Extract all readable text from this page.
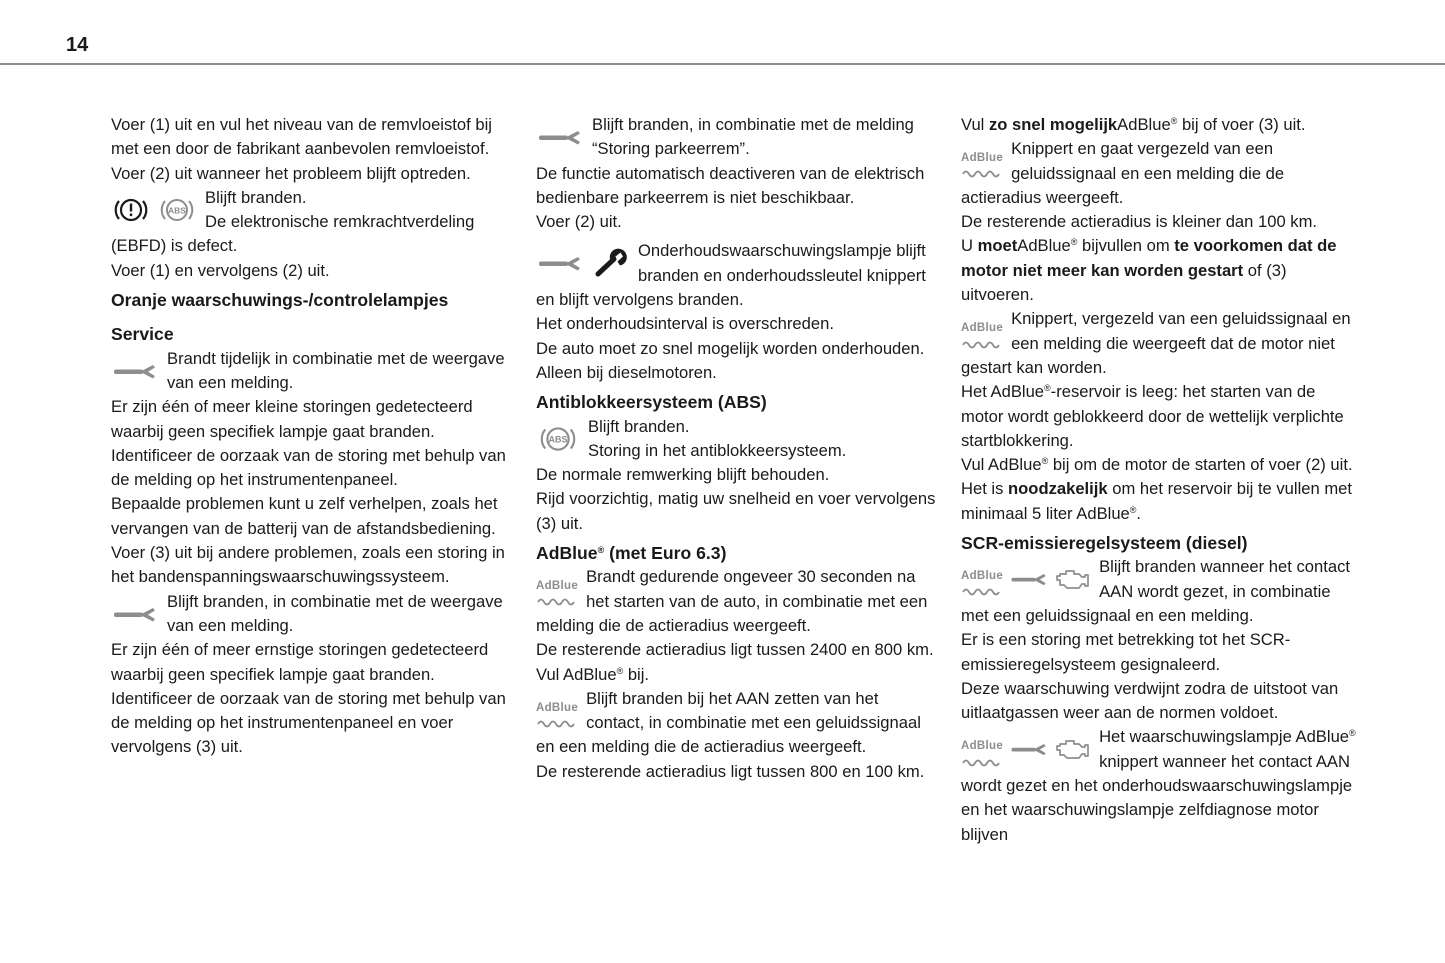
14

Voer (1) uit en vul het niveau van de remvloeistof bij met een door de fabrikant aanbevolen remvloeistof. Voer (2) uit wanneer het probleem blijft optreden.

ABS

Blijft branden.

De elektronische remkrachtverdeling (EBFD) is defect.

Voer (1) en vervolgens (2) uit.

Oranje waarschuwings-/controlelampjes
Service

Brandt tijdelijk in combinatie met de weergave van een melding.

Er zijn één of meer kleine storingen gedetecteerd waarbij geen specifiek lampje gaat branden.

Identificeer de oorzaak van de storing met behulp van de melding op het instrumentenpaneel.

Bepaalde problemen kunt u zelf verhelpen, zoals het vervangen van de batterij van de afstandsbediening.

Voer (3) uit bij andere problemen, zoals een storing in het bandenspanningswaarschuwingssysteem.

Blijft branden, in combinatie met de weergave van een melding.

Er zijn één of meer ernstige storingen gedetecteerd waarbij geen specifiek lampje gaat branden.

Identificeer de oorzaak van de storing met behulp van de melding op het instrumentenpaneel en voer vervolgens (3) uit.

Blijft branden, in combinatie met de melding “Storing parkeerrem”.

De functie automatisch deactiveren van de elektrisch bedienbare parkeerrem is niet beschikbaar.

Voer (2) uit.

Onderhoudswaarschuwingslampje blijft branden en onderhoudssleutel knippert en blijft vervolgens branden.

Het onderhoudsinterval is overschreden.

De auto moet zo snel mogelijk worden onderhouden.

Alleen bij dieselmotoren.

Antiblokkeersysteem (ABS)
ABS

Blijft branden.

Storing in het antiblokkeersysteem.

De normale remwerking blijft behouden.

Rijd voorzichtig, matig uw snelheid en voer vervolgens (3) uit.

AdBlue® (met Euro 6.3)
AdBlue Brandt gedurende ongeveer 30 seconden na het starten van de auto, in combinatie met een melding die de actieradius weergeeft.

De resterende actieradius ligt tussen 2400 en 800 km.

Vul AdBlue® bij.

AdBlue Blijft branden bij het AAN zetten van het contact, in combinatie met een geluidssignaal en een melding die de actieradius weergeeft.

De resterende actieradius ligt tussen 800 en 100 km.

Vul zo snel mogelijkAdBlue® bij of voer (3) uit.

AdBlue Knippert en gaat vergezeld van een geluidssignaal en een melding die de actieradius weergeeft.

De resterende actieradius is kleiner dan 100 km.

U moetAdBlue® bijvullen om te voorkomen dat de motor niet meer kan worden gestart of (3) uitvoeren.

AdBlue Knippert, vergezeld van een geluidssignaal en een melding die weergeeft dat de motor niet gestart kan worden.

Het AdBlue®-reservoir is leeg: het starten van de motor wordt geblokkeerd door de wettelijk verplichte startblokkering.

Vul AdBlue® bij om de motor de starten of voer (2) uit.

Het is noodzakelijk om het reservoir bij te vullen met minimaal 5 liter AdBlue®.

SCR-emissieregelsysteem (diesel)
AdBlue	Blijft branden wanneer het contact AAN wordt gezet, in combinatie met een geluidssignaal en een melding.

Er is een storing met betrekking tot het SCR-emissieregelsysteem gesignaleerd.

Deze waarschuwing verdwijnt zodra de uitstoot van uitlaatgassen weer aan de normen voldoet.

AdBlue	Het waarschuwingslampje AdBlue® knippert wanneer het contact AAN wordt gezet en het onderhoudswaarschuwingslampje en het waarschuwingslampje zelfdiagnose motor blijven
